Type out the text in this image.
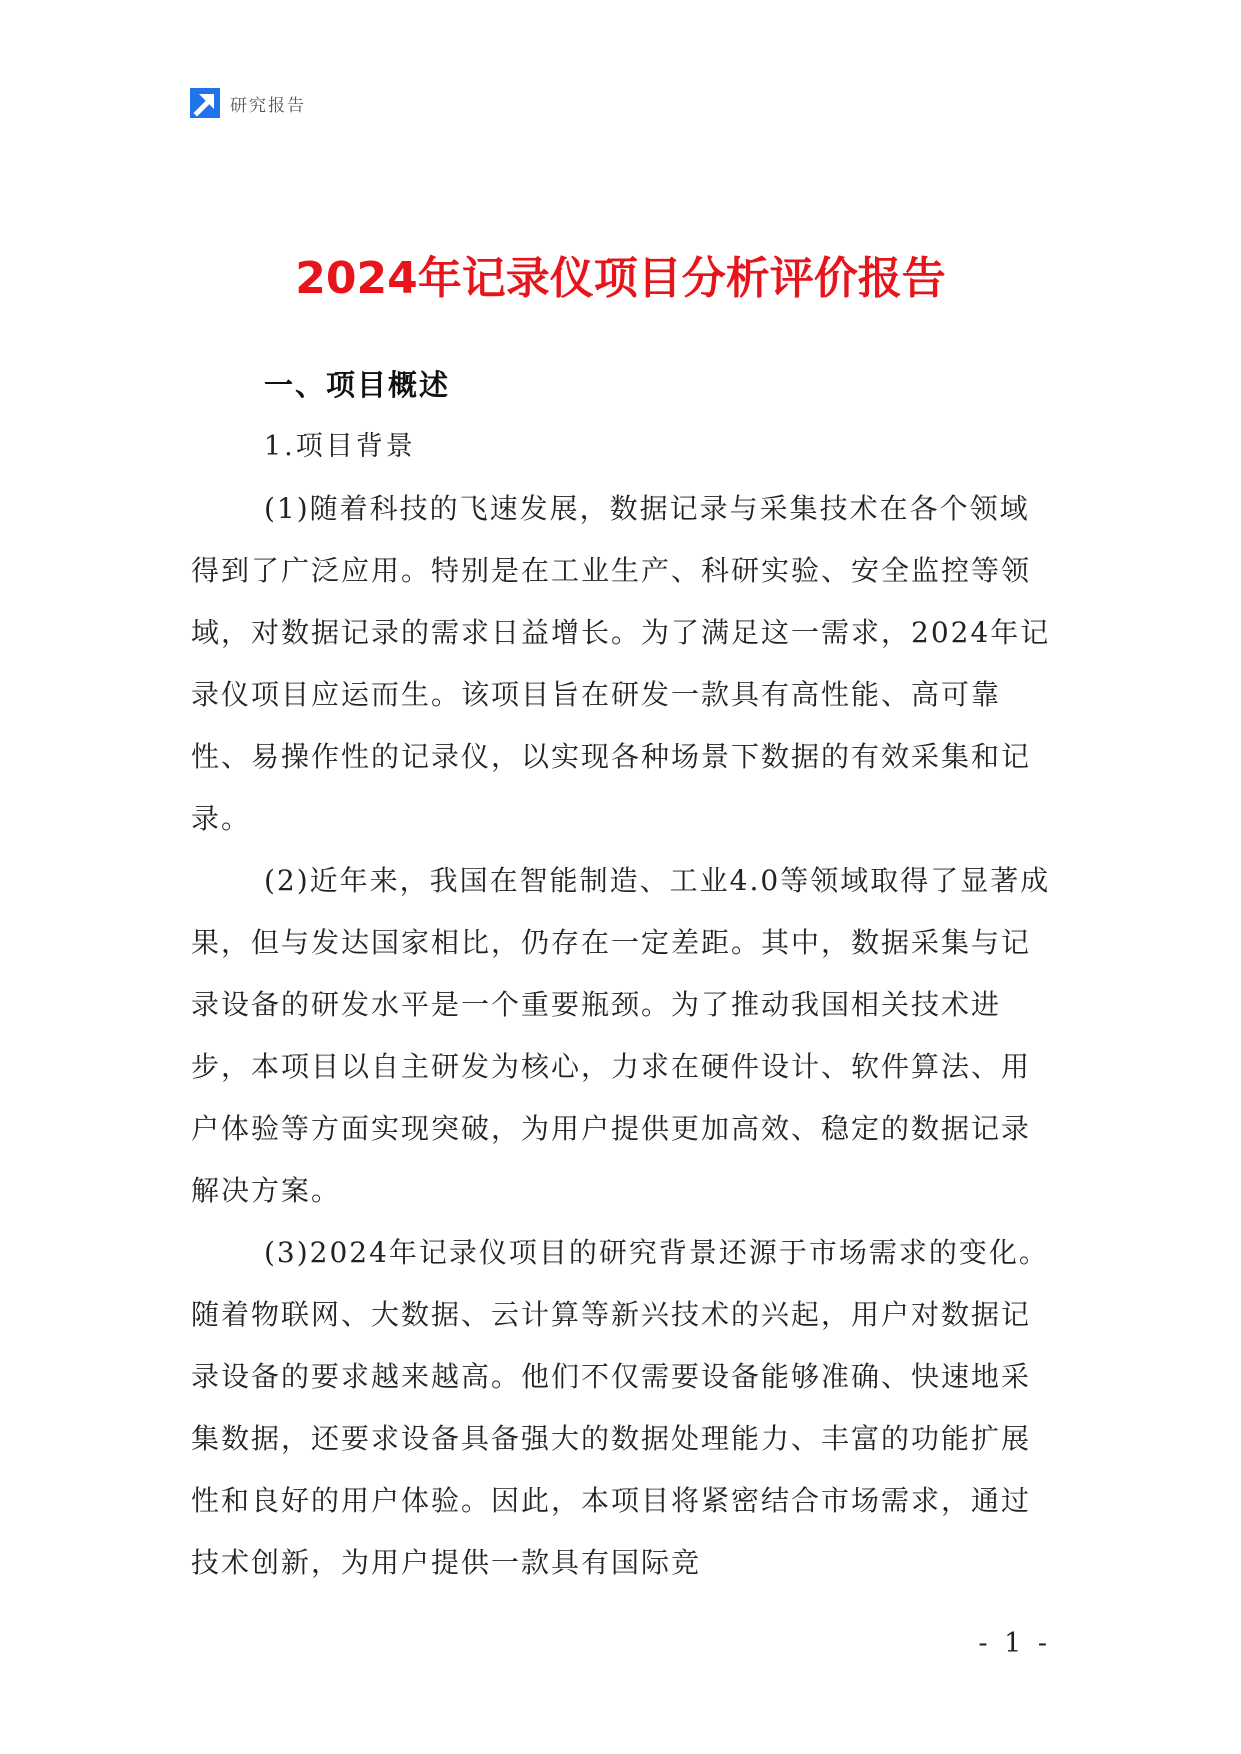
研究报告
2024年记录仪项目分析评价报告
一、项目概述
1.项目背景

(1)随着科技的飞速发展，数据记录与采集技术在各个领域得到了广泛应用。特别是在工业生产、科研实验、安全监控等领域，对数据记录的需求日益增长。为了满足这一需求，2024年记录仪项目应运而生。该项目旨在研发一款具有高性能、高可靠性、易操作性的记录仪，以实现各种场景下数据的有效采集和记录。

(2)近年来，我国在智能制造、工业4.0等领域取得了显著成果，但与发达国家相比，仍存在一定差距。其中，数据采集与记录设备的研发水平是一个重要瓶颈。为了推动我国相关技术进步，本项目以自主研发为核心，力求在硬件设计、软件算法、用户体验等方面实现突破，为用户提供更加高效、稳定的数据记录解决方案。

(3)2024年记录仪项目的研究背景还源于市场需求的变化。随着物联网、大数据、云计算等新兴技术的兴起，用户对数据记录设备的要求越来越高。他们不仅需要设备能够准确、快速地采集数据，还要求设备具备强大的数据处理能力、丰富的功能扩展性和良好的用户体验。因此，本项目将紧密结合市场需求，通过技术创新，为用户提供一款具有国际竞

- 1 -
